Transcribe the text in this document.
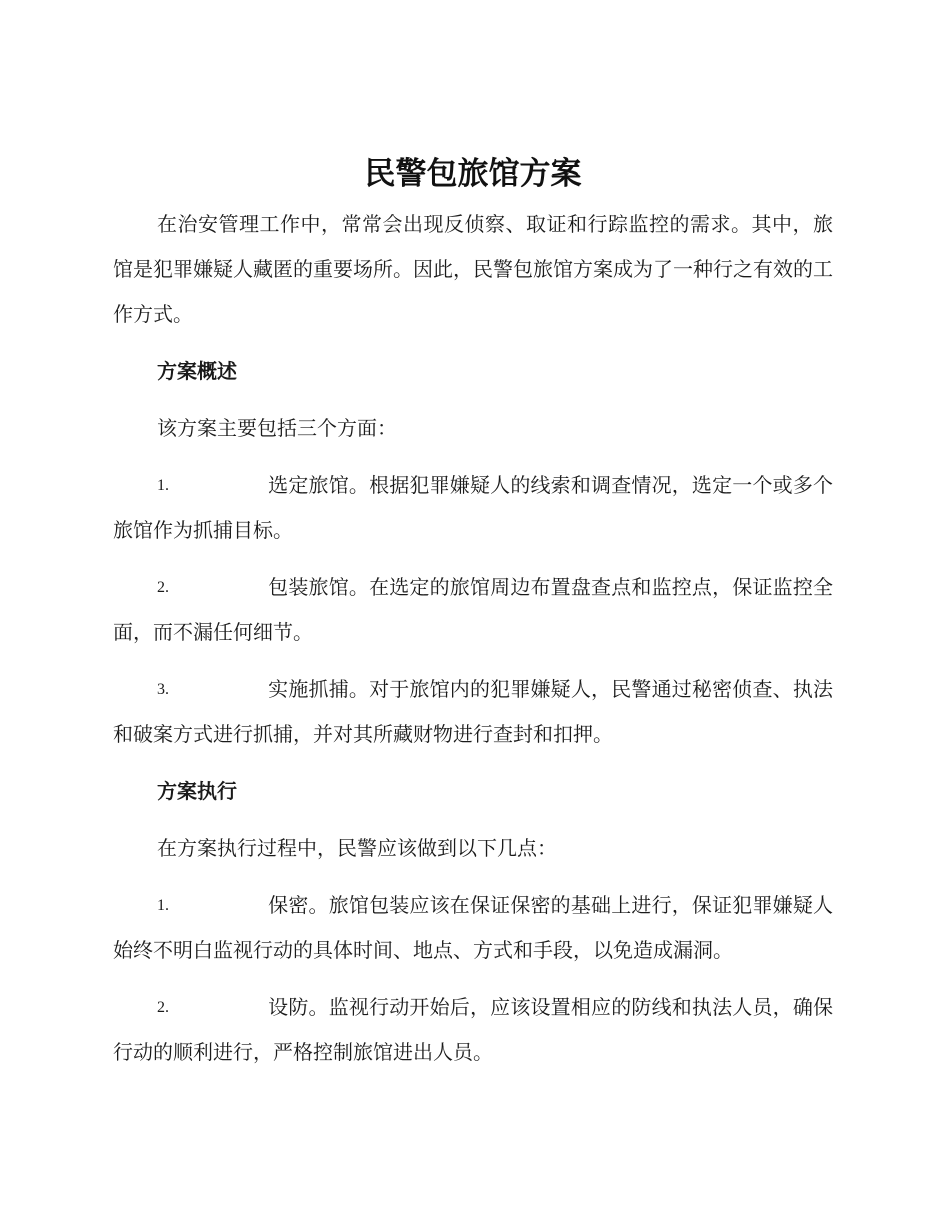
民警包旅馆方案

在治安管理工作中，常常会出现反侦察、取证和行踪监控的需求。其中，旅馆是犯罪嫌疑人藏匿的重要场所。因此，民警包旅馆方案成为了一种行之有效的工作方式。

方案概述

该方案主要包括三个方面：

1.	选定旅馆。根据犯罪嫌疑人的线索和调查情况，选定一个或多个旅馆作为抓捕目标。

2.	包装旅馆。在选定的旅馆周边布置盘查点和监控点，保证监控全面，而不漏任何细节。

3.	实施抓捕。对于旅馆内的犯罪嫌疑人，民警通过秘密侦查、执法和破案方式进行抓捕，并对其所藏财物进行查封和扣押。

方案执行

在方案执行过程中，民警应该做到以下几点：

1.	保密。旅馆包装应该在保证保密的基础上进行，保证犯罪嫌疑人始终不明白监视行动的具体时间、地点、方式和手段，以免造成漏洞。

2.	设防。监视行动开始后，应该设置相应的防线和执法人员，确保行动的顺利进行，严格控制旅馆进出人员。
